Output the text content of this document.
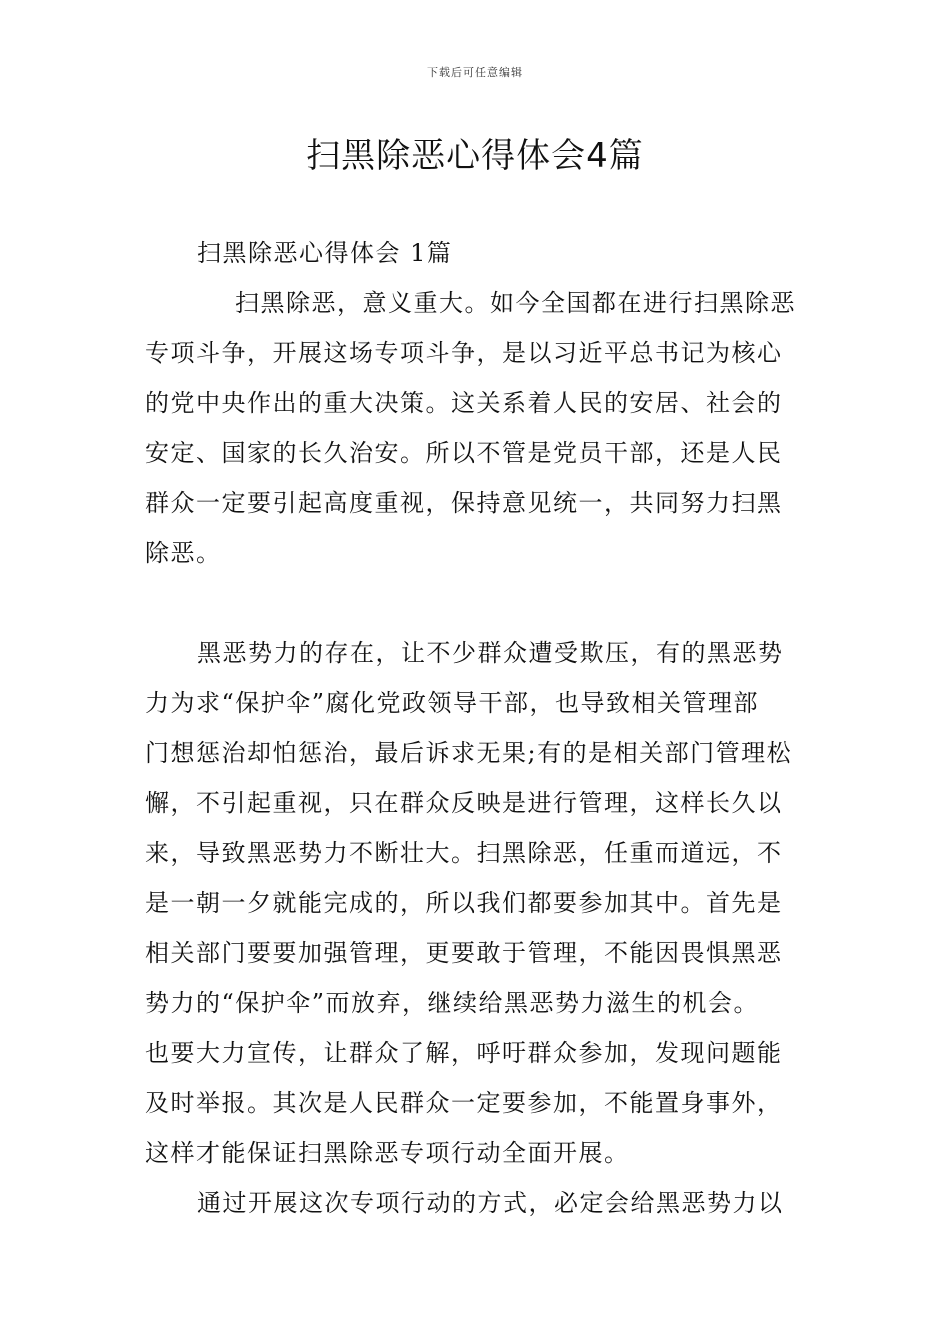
下载后可任意编辑
扫黑除恶心得体会4篇
扫黑除恶心得体会 1篇
扫黑除恶，意义重大。如今全国都在进行扫黑除恶
专项斗争，开展这场专项斗争，是以习近平总书记为核心
的党中央作出的重大决策。这关系着人民的安居、社会的
安定、国家的长久治安。所以不管是党员干部，还是人民
群众一定要引起高度重视，保持意见统一，共同努力扫黑
除恶。
黑恶势力的存在，让不少群众遭受欺压，有的黑恶势
力为求“保护伞”腐化党政领导干部，也导致相关管理部
门想惩治却怕惩治，最后诉求无果;有的是相关部门管理松
懈，不引起重视，只在群众反映是进行管理，这样长久以
来，导致黑恶势力不断壮大。扫黑除恶，任重而道远，不
是一朝一夕就能完成的，所以我们都要参加其中。首先是
相关部门要要加强管理，更要敢于管理，不能因畏惧黑恶
势力的“保护伞”而放弃，继续给黑恶势力滋生的机会。
也要大力宣传，让群众了解，呼吁群众参加，发现问题能
及时举报。其次是人民群众一定要参加，不能置身事外，
这样才能保证扫黑除恶专项行动全面开展。
通过开展这次专项行动的方式，必定会给黑恶势力以
